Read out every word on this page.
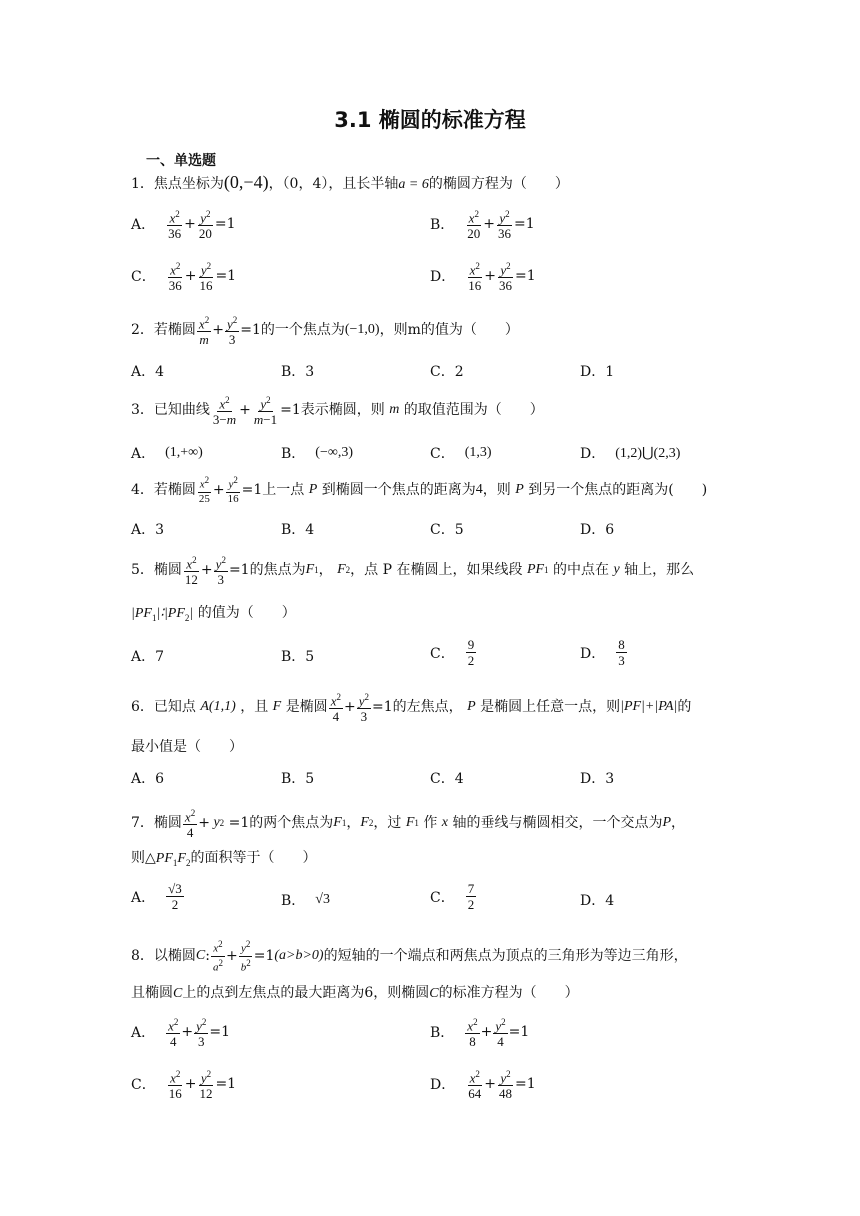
3.1 椭圆的标准方程
一、单选题
1．焦点坐标为(0,−4)，（0，4），且长半轴a = 6的椭圆方程为（　　）
A． $\frac{x^2}{36} + \frac{y^2}{20} =1$	B． $\frac{x^2}{20} + \frac{y^2}{36} =1$
C． $\frac{x^2}{36} + \frac{y^2}{16} =1$	D． $\frac{x^2}{16} + \frac{y^2}{36} =1$
2．若椭圆 $\frac{x^2}{m} + \frac{y^2}{3} =1$ 的一个焦点为 (−1,0) ，则m的值为（　　）
A．4	B．3	C．2	D．1
3．已知曲线 $\frac{x^2}{3-m} + \frac{y^2}{m-1} =1$ 表示椭圆，则
m
的取值范围为（　　）
A． (1,+∞)	B． (−∞,3)	C． (1,3)	D． (1,2)⋃(2,3)
4．若椭圆 $\frac{x^2}{25} + \frac{y^2}{16} =1$ 上一点
P
到椭圆一个焦点的距离为 4 ，则
P
到另一个焦点的距离为(　　)
A．3	B．4	C．5	D．6
5．椭圆 $\frac{x^2}{12} + \frac{y^2}{3} =1$ 的焦点为 F 1 ， F 2 ，点 P 在椭圆上，如果线段
PF 1
的中点在
y
轴上，那么
$|PF_1|∶|PF_2|$ 的值为（　　）
A．7	B．5	C． $\frac{9}{2}$	D． $\frac{8}{3}$
6．已知点
A(1,1)
，且
F
是椭圆 $\frac{x^2}{4} + \frac{y^2}{3} =1$ 的左焦点，
P
是椭圆上任意一点，则 |PF|+|PA| 的
最小值是（　　）
A．6	B．5	C．4	D．3
7．椭圆 $\frac{x^2}{4} + y$ 2 =1 的两个焦点为 F 1 ， F 2 ，过
F 1
作
x
轴的垂线与椭圆相交，一个交点为 P ，
则$\triangle PF_1F_2$的面积等于（　　）
A． $\frac{√3}{2}$	B． √3	C． $\frac{7}{2}$	D．4
8．以椭圆 C : $\frac{x^2}{a^2} + \frac{y^2}{b^2} =1$ (a>b>0) 的短轴的一个端点和两焦点为顶点的三角形为等边三角形，
且椭圆C上的点到左焦点的最大距离为6，则椭圆C的标准方程为（　　）
A． $\frac{x^2}{4} + \frac{y^2}{3} =1$	B． $\frac{x^2}{8} + \frac{y^2}{4} =1$
C． $\frac{x^2}{16} + \frac{y^2}{12} =1$	D． $\frac{x^2}{64} + \frac{y^2}{48} =1$
